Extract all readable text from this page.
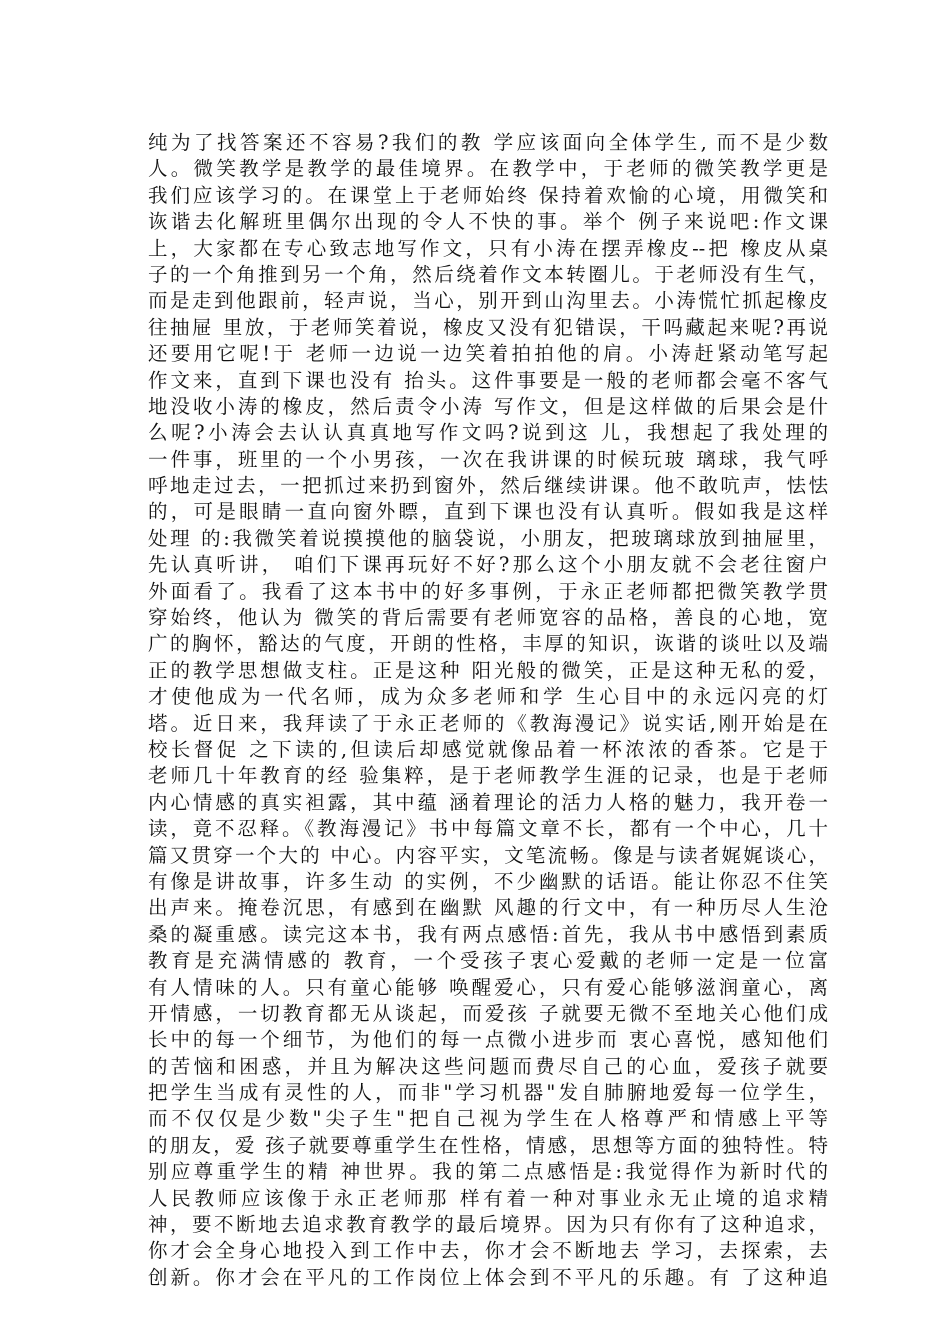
纯为了找答案还不容易?我们的教 学应该面向全体学生, 而不是少数
人。微笑教学是教学的最佳境界。在教学中，于老师的微笑教学更是
我们应该学习的。在课堂上于老师始终 保持着欢愉的心境，用微笑和
诙谐去化解班里偶尔出现的令人不快的事。举个 例子来说吧:作文课
上，大家都在专心致志地写作文，只有小涛在摆弄橡皮--把 橡皮从桌
子的一个角推到另一个角，然后绕着作文本转圈儿。于老师没有生气，
而是走到他跟前，轻声说，当心，别开到山沟里去。小涛慌忙抓起橡皮
往抽屉 里放，于老师笑着说，橡皮又没有犯错误，干吗藏起来呢?再说
还要用它呢!于 老师一边说一边笑着拍拍他的肩。小涛赶紧动笔写起
作文来，直到下课也没有 抬头。这件事要是一般的老师都会毫不客气
地没收小涛的橡皮，然后责令小涛 写作文，但是这样做的后果会是什
么呢?小涛会去认认真真地写作文吗?说到这 儿，我想起了我处理的
一件事，班里的一个小男孩，一次在我讲课的时候玩玻 璃球，我气呼
呼地走过去，一把抓过来扔到窗外，然后继续讲课。他不敢吭声，怯怯
的，可是眼睛一直向窗外瞟，直到下课也没有认真听。假如我是这样
处理 的:我微笑着说摸摸他的脑袋说，小朋友，把玻璃球放到抽屉里，
先认真听讲， 咱们下课再玩好不好?那么这个小朋友就不会老往窗户
外面看了。我看了这本书中的好多事例，于永正老师都把微笑教学贯
穿始终，他认为 微笑的背后需要有老师宽容的品格，善良的心地，宽
广的胸怀，豁达的气度，开朗的性格，丰厚的知识，诙谐的谈吐以及端
正的教学思想做支柱。正是这种 阳光般的微笑，正是这种无私的爱，
才使他成为一代名师，成为众多老师和学 生心目中的永远闪亮的灯
塔。近日来，我拜读了于永正老师的《教海漫记》说实话,刚开始是在
校长督促 之下读的,但读后却感觉就像品着一杯浓浓的香茶。它是于
老师几十年教育的经 验集粹，是于老师教学生涯的记录，也是于老师
内心情感的真实袒露，其中蕴 涵着理论的活力人格的魅力，我开卷一
读，竟不忍释。《教海漫记》书中每篇文章不长，都有一个中心，几十
篇又贯穿一个大的 中心。内容平实，文笔流畅。像是与读者娓娓谈心，
有像是讲故事，许多生动 的实例，不少幽默的话语。能让你忍不住笑
出声来。掩卷沉思，有感到在幽默 风趣的行文中，有一种历尽人生沧
桑的凝重感。读完这本书，我有两点感悟:首先，我从书中感悟到素质
教育是充满情感的 教育，一个受孩子衷心爱戴的老师一定是一位富
有人情味的人。只有童心能够 唤醒爱心，只有爱心能够滋润童心，离
开情感，一切教育都无从谈起，而爱孩 子就要无微不至地关心他们成
长中的每一个细节，为他们的每一点微小进步而 衷心喜悦，感知他们
的苦恼和困惑，并且为解决这些问题而费尽自己的心血，爱孩子就要
把学生当成有灵性的人，而非"学习机器"发自肺腑地爱每一位学生，
而不仅仅是少数"尖子生"把自己视为学生在人格尊严和情感上平等
的朋友，爱 孩子就要尊重学生在性格，情感，思想等方面的独特性。特
别应尊重学生的精 神世界。我的第二点感悟是:我觉得作为新时代的
人民教师应该像于永正老师那 样有着一种对事业永无止境的追求精
神，要不断地去追求教育教学的最后境界。因为只有你有了这种追求，
你才会全身心地投入到工作中去，你才会不断地去 学习，去探索，去
创新。你才会在平凡的工作岗位上体会到不平凡的乐趣。有 了这种追
